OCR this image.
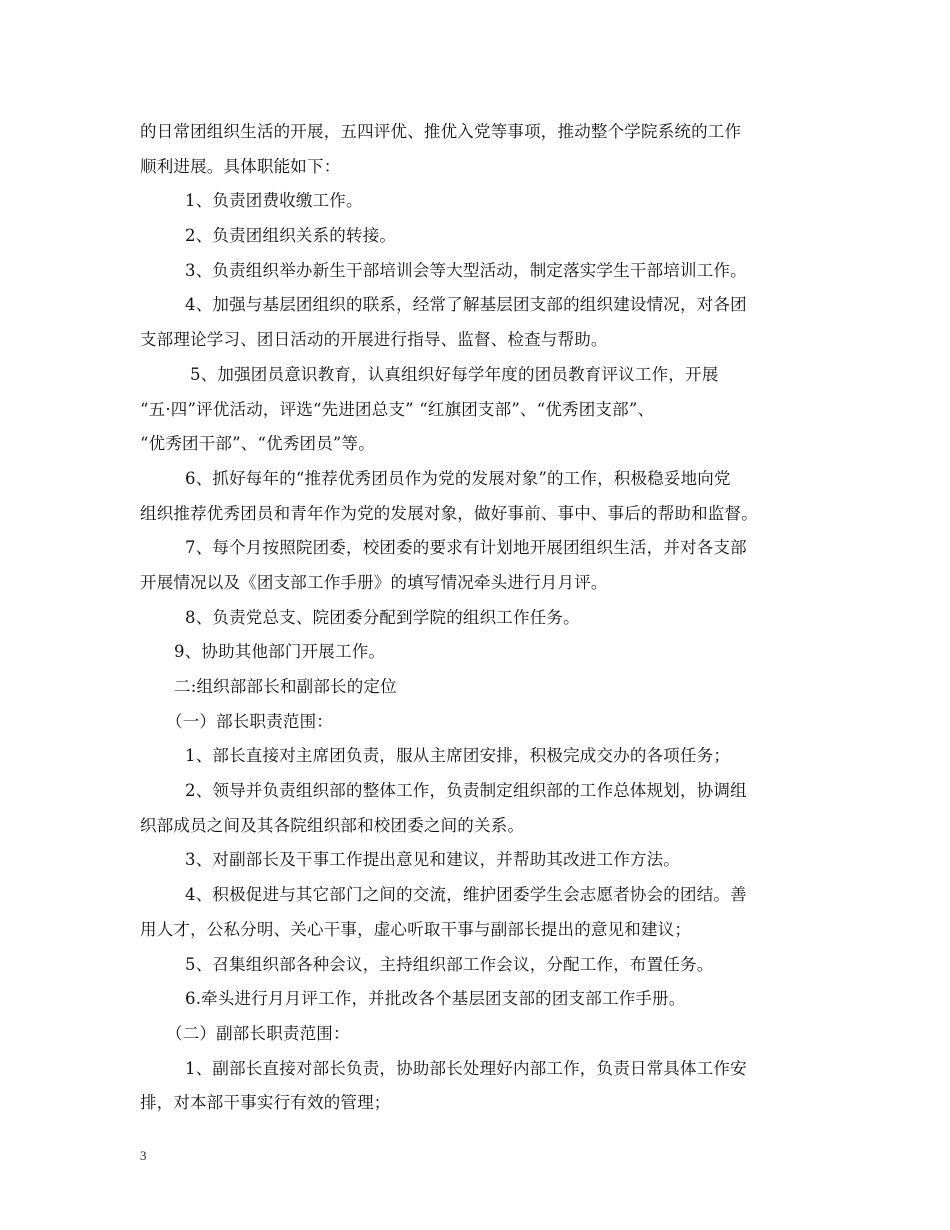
的日常团组织生活的开展，五四评优、推优入党等事项，推动整个学院系统的工作
顺利进展。具体职能如下：
1、负责团费收缴工作。
2、负责团组织关系的转接。
3、负责组织举办新生干部培训会等大型活动，制定落实学生干部培训工作。
4、加强与基层团组织的联系，经常了解基层团支部的组织建设情况，对各团
支部理论学习、团日活动的开展进行指导、监督、检查与帮助。
5、加强团员意识教育，认真组织好每学年度的团员教育评议工作，开展
“五·四”评优活动，评选“先进团总支” “红旗团支部”、“优秀团支部”、
“优秀团干部”、“优秀团员”等。
6、抓好每年的“推荐优秀团员作为党的发展对象”的工作，积极稳妥地向党
组织推荐优秀团员和青年作为党的发展对象，做好事前、事中、事后的帮助和监督。
7、每个月按照院团委，校团委的要求有计划地开展团组织生活，并对各支部
开展情况以及《团支部工作手册》的填写情况牵头进行月月评。
8、负责党总支、院团委分配到学院的组织工作任务。
9、协助其他部门开展工作。
二:组织部部长和副部长的定位
（一）部长职责范围：
1、部长直接对主席团负责，服从主席团安排，积极完成交办的各项任务；
2、领导并负责组织部的整体工作，负责制定组织部的工作总体规划，协调组
织部成员之间及其各院组织部和校团委之间的关系。
3、对副部长及干事工作提出意见和建议，并帮助其改进工作方法。
4、积极促进与其它部门之间的交流，维护团委学生会志愿者协会的团结。善
用人才，公私分明、关心干事，虚心听取干事与副部长提出的意见和建议；
5、召集组织部各种会议，主持组织部工作会议，分配工作，布置任务。
6.牵头进行月月评工作，并批改各个基层团支部的团支部工作手册。
（二）副部长职责范围：
1、副部长直接对部长负责，协助部长处理好内部工作，负责日常具体工作安
排，对本部干事实行有效的管理；
3
